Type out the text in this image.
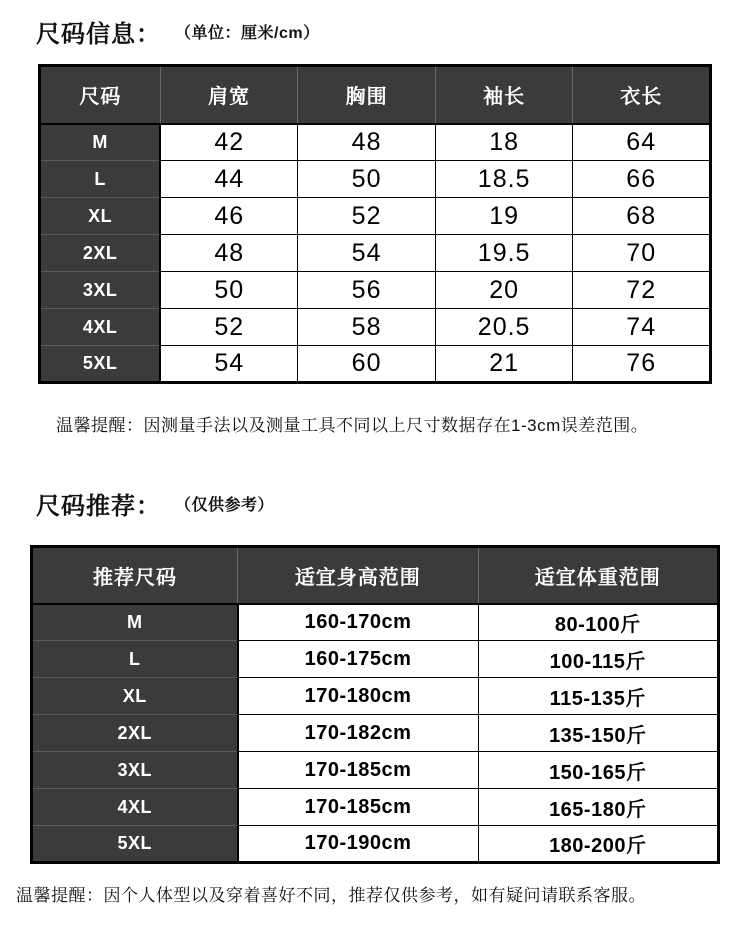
尺码信息： （单位：厘米/cm）
尺码	肩宽	胸围	袖长	衣长
M	42	48	18	64
L	44	50	18.5	66
XL	46	52	19	68
2XL	48	54	19.5	70
3XL	50	56	20	72
4XL	52	58	20.5	74
5XL	54	60	21	76

温馨提醒：因测量手法以及测量工具不同以上尺寸数据存在1-3cm误差范围。

尺码推荐： （仅供参考）
推荐尺码	适宜身高范围	适宜体重范围
M	160-170cm	80-100斤
L	160-175cm	100-115斤
XL	170-180cm	115-135斤
2XL	170-182cm	135-150斤
3XL	170-185cm	150-165斤
4XL	170-185cm	165-180斤
5XL	170-190cm	180-200斤

温馨提醒：因个人体型以及穿着喜好不同，推荐仅供参考，如有疑问请联系客服。
